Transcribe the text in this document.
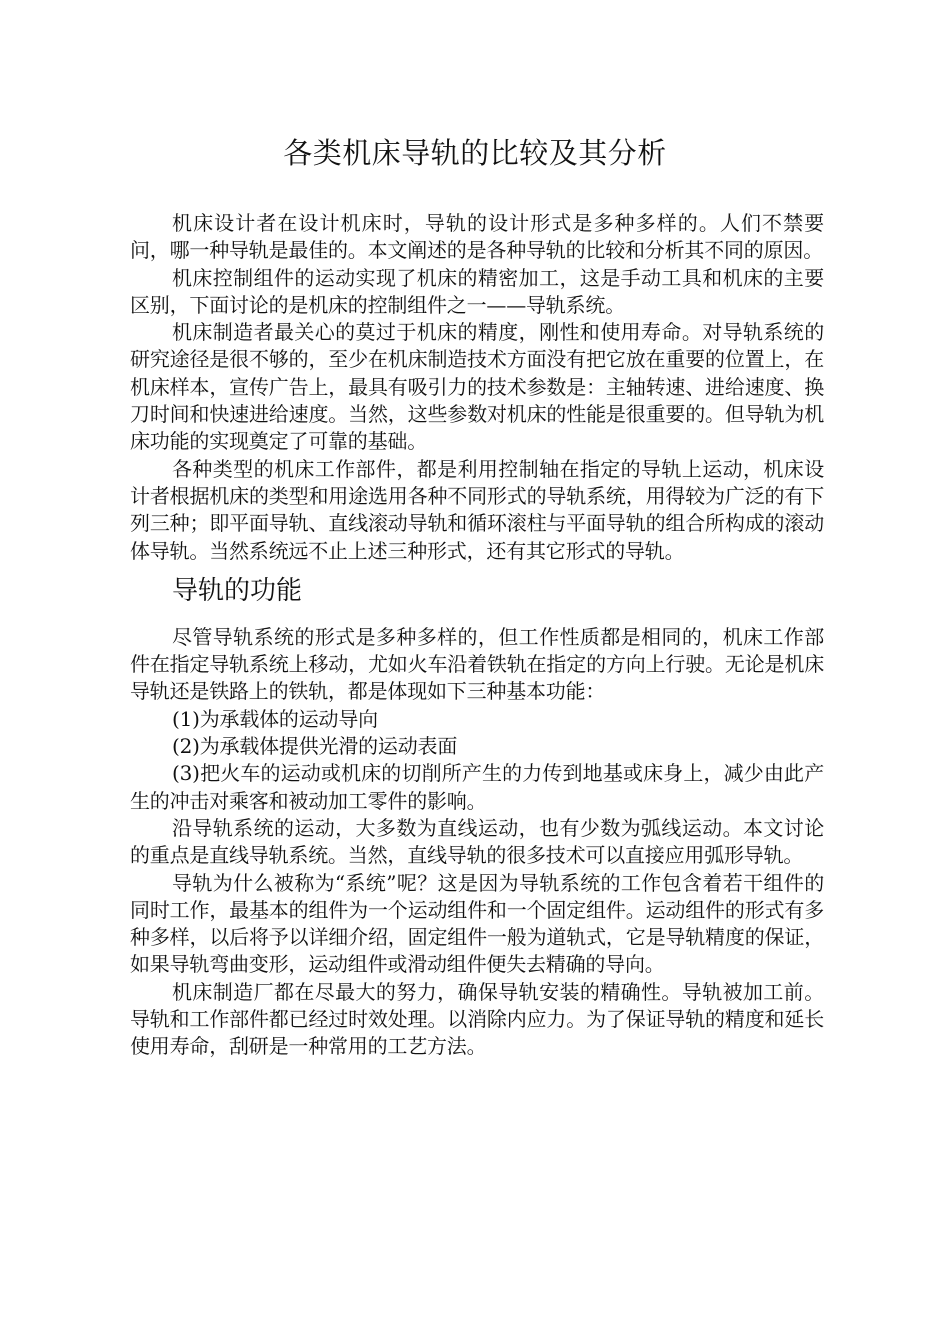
各类机床导轨的比较及其分析

机床设计者在设计机床时，导轨的设计形式是多种多样的。人们不禁要问，哪一种导轨是最佳的。本文阐述的是各种导轨的比较和分析其不同的原因。

机床控制组件的运动实现了机床的精密加工，这是手动工具和机床的主要区别，下面讨论的是机床的控制组件之一——导轨系统。

机床制造者最关心的莫过于机床的精度，刚性和使用寿命。对导轨系统的研究途径是很不够的，至少在机床制造技术方面没有把它放在重要的位置上，在机床样本，宣传广告上，最具有吸引力的技术参数是：主轴转速、进给速度、换刀时间和快速进给速度。当然，这些参数对机床的性能是很重要的。但导轨为机床功能的实现奠定了可靠的基础。

各种类型的机床工作部件，都是利用控制轴在指定的导轨上运动，机床设计者根据机床的类型和用途选用各种不同形式的导轨系统，用得较为广泛的有下列三种；即平面导轨、直线滚动导轨和循环滚柱与平面导轨的组合所构成的滚动体导轨。当然系统远不止上述三种形式，还有其它形式的导轨。

导轨的功能

尽管导轨系统的形式是多种多样的，但工作性质都是相同的，机床工作部件在指定导轨系统上移动，尤如火车沿着铁轨在指定的方向上行驶。无论是机床导轨还是铁路上的铁轨，都是体现如下三种基本功能：

(1)为承载体的运动导向

(2)为承载体提供光滑的运动表面

(3)把火车的运动或机床的切削所产生的力传到地基或床身上，减少由此产生的冲击对乘客和被动加工零件的影响。

沿导轨系统的运动，大多数为直线运动，也有少数为弧线运动。本文讨论的重点是直线导轨系统。当然，直线导轨的很多技术可以直接应用弧形导轨。

导轨为什么被称为“系统”呢？这是因为导轨系统的工作包含着若干组件的同时工作，最基本的组件为一个运动组件和一个固定组件。运动组件的形式有多种多样，以后将予以详细介绍，固定组件一般为道轨式，它是导轨精度的保证，如果导轨弯曲变形，运动组件或滑动组件便失去精确的导向。

机床制造厂都在尽最大的努力，确保导轨安装的精确性。导轨被加工前。导轨和工作部件都已经过时效处理。以消除内应力。为了保证导轨的精度和延长使用寿命，刮研是一种常用的工艺方法。
